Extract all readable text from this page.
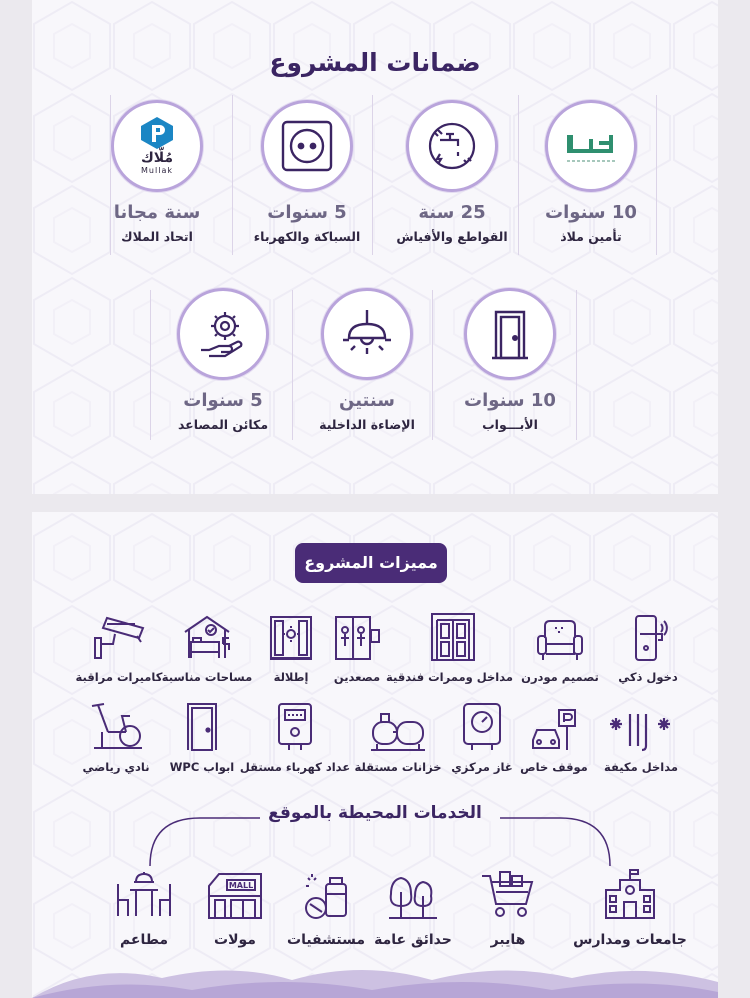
ضمانات المشروع
10 سنوات
تأمين ملاذ
25 سنة
القواطع والأفياش
5 سنوات
السباكة والكهرباء
مُلّاك
Mullak
سنة مجانا
اتحاد الملاك
10 سنوات
الأبـــواب
سنتين
الإضاءة الداخلية
5 سنوات
مكائن المصاعد
مميزات المشروع
دخول ذكي
تصميم مودرن
مداخل وممرات فندقية
مصعدين
إطلالة
مساحات مناسبة
كاميرات مراقبة
مداخل مكيفة
موقف خاص
غاز مركزي
خزانات مستقلة
عداد كهرباء مستقل
ابواب WPC
نادي رياضي
الخدمات المحيطة بالموقع
جامعات ومدارس
هايبر
حدائق عامة
مستشفيات
MALL
مولات
مطاعم
